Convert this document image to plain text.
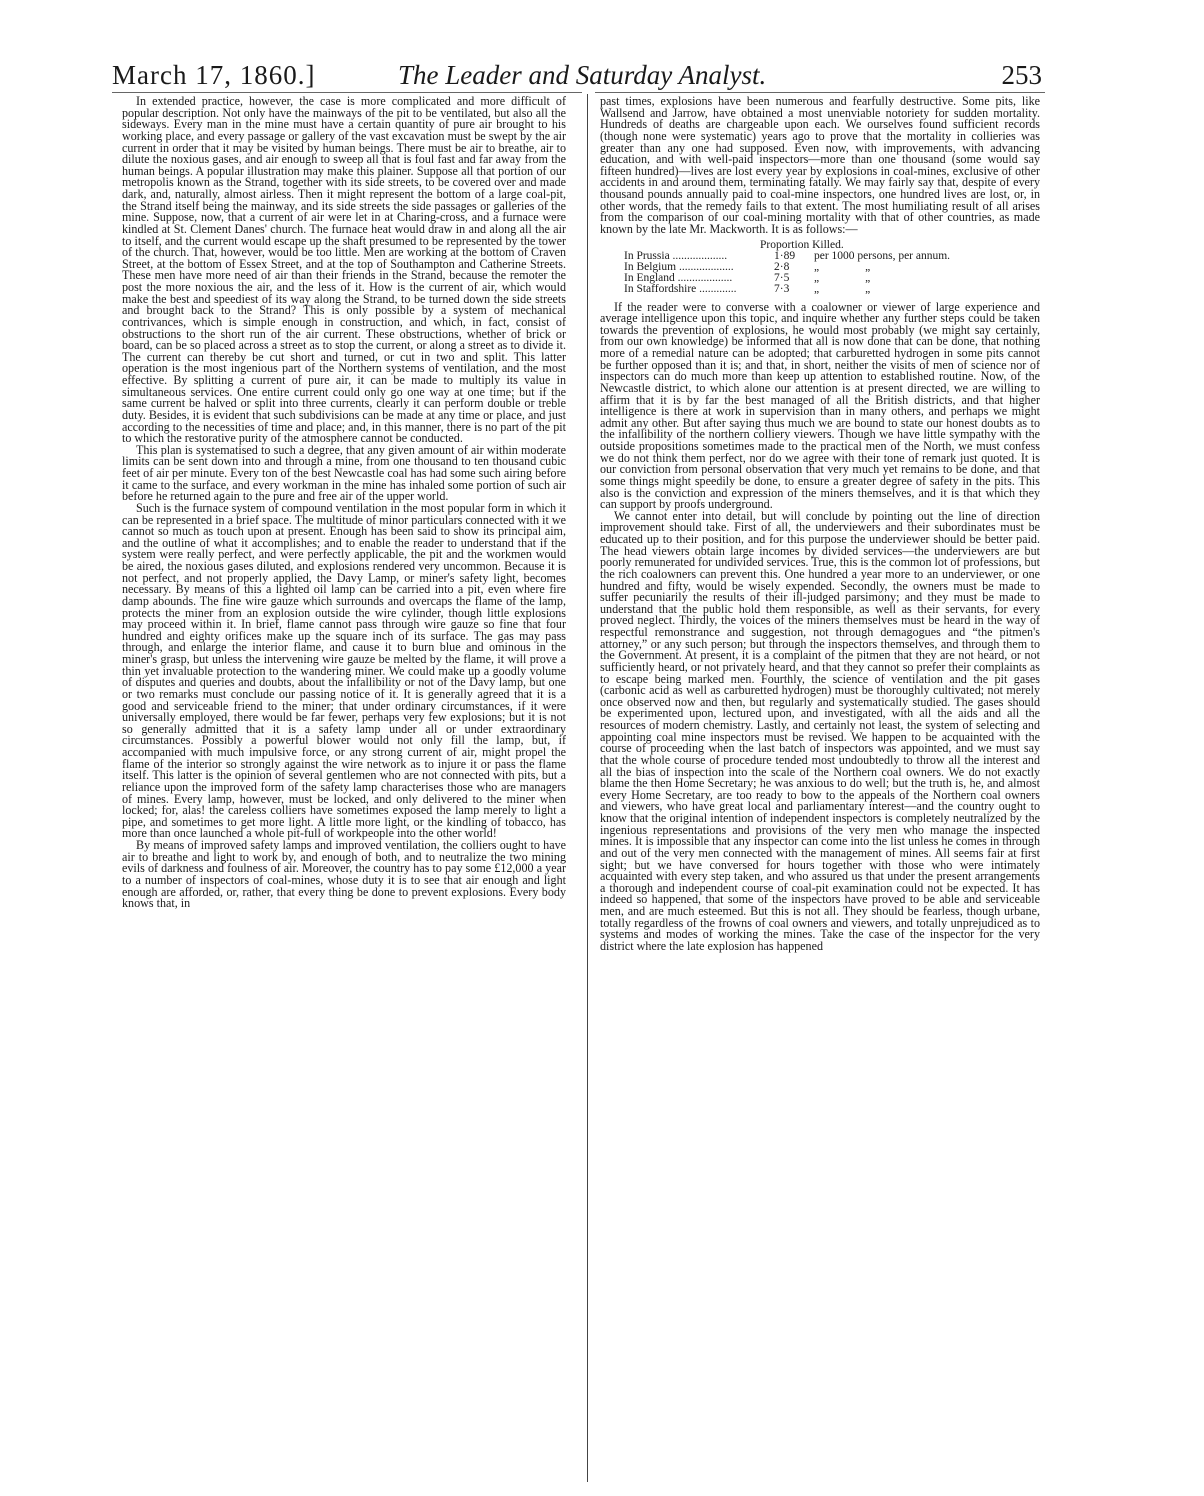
March 17, 1860.]	The Leader and Saturday Analyst.	253

In extended practice, however, the case is more complicated and more difficult of popular description. Not only have the mainways of the pit to be ventilated, but also all the sideways. Every man in the mine must have a certain quantity of pure air brought to his working place, and every passage or gallery of the vast excavation must be swept by the air current in order that it may be visited by human beings. There must be air to breathe, air to dilute the noxious gases, and air enough to sweep all that is foul fast and far away from the human beings. A popular illustration may make this plainer. Suppose all that portion of our metropolis known as the Strand, together with its side streets, to be covered over and made dark, and, naturally, almost airless. Then it might represent the bottom of a large coal-pit, the Strand itself being the mainway, and its side streets the side passages or galleries of the mine. Suppose, now, that a current of air were let in at Charing-cross, and a furnace were kindled at St. Clement Danes' church. The furnace heat would draw in and along all the air to itself, and the current would escape up the shaft presumed to be represented by the tower of the church. That, however, would be too little. Men are working at the bottom of Craven Street, at the bottom of Essex Street, and at the top of Southampton and Catherine Streets. These men have more need of air than their friends in the Strand, because the remoter the post the more noxious the air, and the less of it. How is the current of air, which would make the best and speediest of its way along the Strand, to be turned down the side streets and brought back to the Strand? This is only possible by a system of mechanical contrivances, which is simple enough in construction, and which, in fact, consist of obstructions to the short run of the air current. These obstructions, whether of brick or board, can be so placed across a street as to stop the current, or along a street as to divide it. The current can thereby be cut short and turned, or cut in two and split. This latter operation is the most ingenious part of the Northern systems of ventilation, and the most effective. By splitting a current of pure air, it can be made to multiply its value in simultaneous services. One entire current could only go one way at one time; but if the same current be halved or split into three currents, clearly it can perform double or treble duty. Besides, it is evident that such subdivisions can be made at any time or place, and just according to the necessities of time and place; and, in this manner, there is no part of the pit to which the restorative purity of the atmosphere cannot be conducted.

This plan is systematised to such a degree, that any given amount of air within moderate limits can be sent down into and through a mine, from one thousand to ten thousand cubic feet of air per minute. Every ton of the best Newcastle coal has had some such airing before it came to the surface, and every workman in the mine has inhaled some portion of such air before he returned again to the pure and free air of the upper world.

Such is the furnace system of compound ventilation in the most popular form in which it can be represented in a brief space. The multitude of minor particulars connected with it we cannot so much as touch upon at present. Enough has been said to show its principal aim, and the outline of what it accomplishes; and to enable the reader to understand that if the system were really perfect, and were perfectly applicable, the pit and the workmen would be aired, the noxious gases diluted, and explosions rendered very uncommon. Because it is not perfect, and not properly applied, the Davy Lamp, or miner's safety light, becomes necessary. By means of this a lighted oil lamp can be carried into a pit, even where fire damp abounds. The fine wire gauze which surrounds and overcaps the flame of the lamp, protects the miner from an explosion outside the wire cylinder, though little explosions may proceed within it. In brief, flame cannot pass through wire gauze so fine that four hundred and eighty orifices make up the square inch of its surface. The gas may pass through, and enlarge the interior flame, and cause it to burn blue and ominous in the miner's grasp, but unless the intervening wire gauze be melted by the flame, it will prove a thin yet invaluable protection to the wandering miner. We could make up a goodly volume of disputes and queries and doubts, about the infallibility or not of the Davy lamp, but one or two remarks must conclude our passing notice of it. It is generally agreed that it is a good and serviceable friend to the miner; that under ordinary circumstances, if it were universally employed, there would be far fewer, perhaps very few explosions; but it is not so generally admitted that it is a safety lamp under all or under extraordinary circumstances. Possibly a powerful blower would not only fill the lamp, but, if accompanied with much impulsive force, or any strong current of air, might propel the flame of the interior so strongly against the wire network as to injure it or pass the flame itself. This latter is the opinion of several gentlemen who are not connected with pits, but a reliance upon the improved form of the safety lamp characterises those who are managers of mines. Every lamp, however, must be locked, and only delivered to the miner when locked; for, alas! the careless colliers have sometimes exposed the lamp merely to light a pipe, and sometimes to get more light. A little more light, or the kindling of tobacco, has more than once launched a whole pit-full of workpeople into the other world!

By means of improved safety lamps and improved ventilation, the colliers ought to have air to breathe and light to work by, and enough of both, and to neutralize the two mining evils of darkness and foulness of air. Moreover, the country has to pay some £12,000 a year to a number of inspectors of coal-mines, whose duty it is to see that air enough and light enough are afforded, or, rather, that every thing be done to prevent explosions. Every body knows that, in

past times, explosions have been numerous and fearfully destructive. Some pits, like Wallsend and Jarrow, have obtained a most unenviable notoriety for sudden mortality. Hundreds of deaths are chargeable upon each. We ourselves found sufficient records (though none were systematic) years ago to prove that the mortality in collieries was greater than any one had supposed. Even now, with improvements, with advancing education, and with well-paid inspectors—more than one thousand (some would say fifteen hundred)—lives are lost every year by explosions in coal-mines, exclusive of other accidents in and around them, terminating fatally. We may fairly say that, despite of every thousand pounds annually paid to coal-mine inspectors, one hundred lives are lost, or, in other words, that the remedy fails to that extent. The most humiliating result of all arises from the comparison of our coal-mining mortality with that of other countries, as made known by the late Mr. Mackworth. It is as follows:—

Proportion Killed.
In Prussia ...................	1·89	per 1000 persons, per annum.
In Belgium ...................	2·8	„                „
In England ...................	7·5	„                „
In Staffordshire .............	7·3	„                „

If the reader were to converse with a coalowner or viewer of large experience and average intelligence upon this topic, and inquire whether any further steps could be taken towards the prevention of explosions, he would most probably (we might say certainly, from our own knowledge) be informed that all is now done that can be done, that nothing more of a remedial nature can be adopted; that carburetted hydrogen in some pits cannot be further opposed than it is; and that, in short, neither the visits of men of science nor of inspectors can do much more than keep up attention to established routine. Now, of the Newcastle district, to which alone our attention is at present directed, we are willing to affirm that it is by far the best managed of all the British districts, and that higher intelligence is there at work in supervision than in many others, and perhaps we might admit any other. But after saying thus much we are bound to state our honest doubts as to the infallibility of the northern colliery viewers. Though we have little sympathy with the outside propositions sometimes made to the practical men of the North, we must confess we do not think them perfect, nor do we agree with their tone of remark just quoted. It is our conviction from personal observation that very much yet remains to be done, and that some things might speedily be done, to ensure a greater degree of safety in the pits. This also is the conviction and expression of the miners themselves, and it is that which they can support by proofs underground.

We cannot enter into detail, but will conclude by pointing out the line of direction improvement should take. First of all, the underviewers and their subordinates must be educated up to their position, and for this purpose the underviewer should be better paid. The head viewers obtain large incomes by divided services—the underviewers are but poorly remunerated for undivided services. True, this is the common lot of professions, but the rich coalowners can prevent this. One hundred a year more to an underviewer, or one hundred and fifty, would be wisely expended. Secondly, the owners must be made to suffer pecuniarily the results of their ill-judged parsimony; and they must be made to understand that the public hold them responsible, as well as their servants, for every proved neglect. Thirdly, the voices of the miners themselves must be heard in the way of respectful remonstrance and suggestion, not through demagogues and “the pitmen's attorney,” or any such person; but through the inspectors themselves, and through them to the Government. At present, it is a complaint of the pitmen that they are not heard, or not sufficiently heard, or not privately heard, and that they cannot so prefer their complaints as to escape being marked men. Fourthly, the science of ventilation and the pit gases (carbonic acid as well as carburetted hydrogen) must be thoroughly cultivated; not merely once observed now and then, but regularly and systematically studied. The gases should be experimented upon, lectured upon, and investigated, with all the aids and all the resources of modern chemistry. Lastly, and certainly not least, the system of selecting and appointing coal mine inspectors must be revised. We happen to be acquainted with the course of proceeding when the last batch of inspectors was appointed, and we must say that the whole course of procedure tended most undoubtedly to throw all the interest and all the bias of inspection into the scale of the Northern coal owners. We do not exactly blame the then Home Secretary; he was anxious to do well; but the truth is, he, and almost every Home Secretary, are too ready to bow to the appeals of the Northern coal owners and viewers, who have great local and parliamentary interest—and the country ought to know that the original intention of independent inspectors is completely neutralized by the ingenious representations and provisions of the very men who manage the inspected mines. It is impossible that any inspector can come into the list unless he comes in through and out of the very men connected with the management of mines. All seems fair at first sight; but we have conversed for hours together with those who were intimately acquainted with every step taken, and who assured us that under the present arrangements a thorough and independent course of coal-pit examination could not be expected. It has indeed so happened, that some of the inspectors have proved to be able and serviceable men, and are much esteemed. But this is not all. They should be fearless, though urbane, totally regardless of the frowns of coal owners and viewers, and totally unprejudiced as to systems and modes of working the mines. Take the case of the inspector for the very district where the late explosion has happened
